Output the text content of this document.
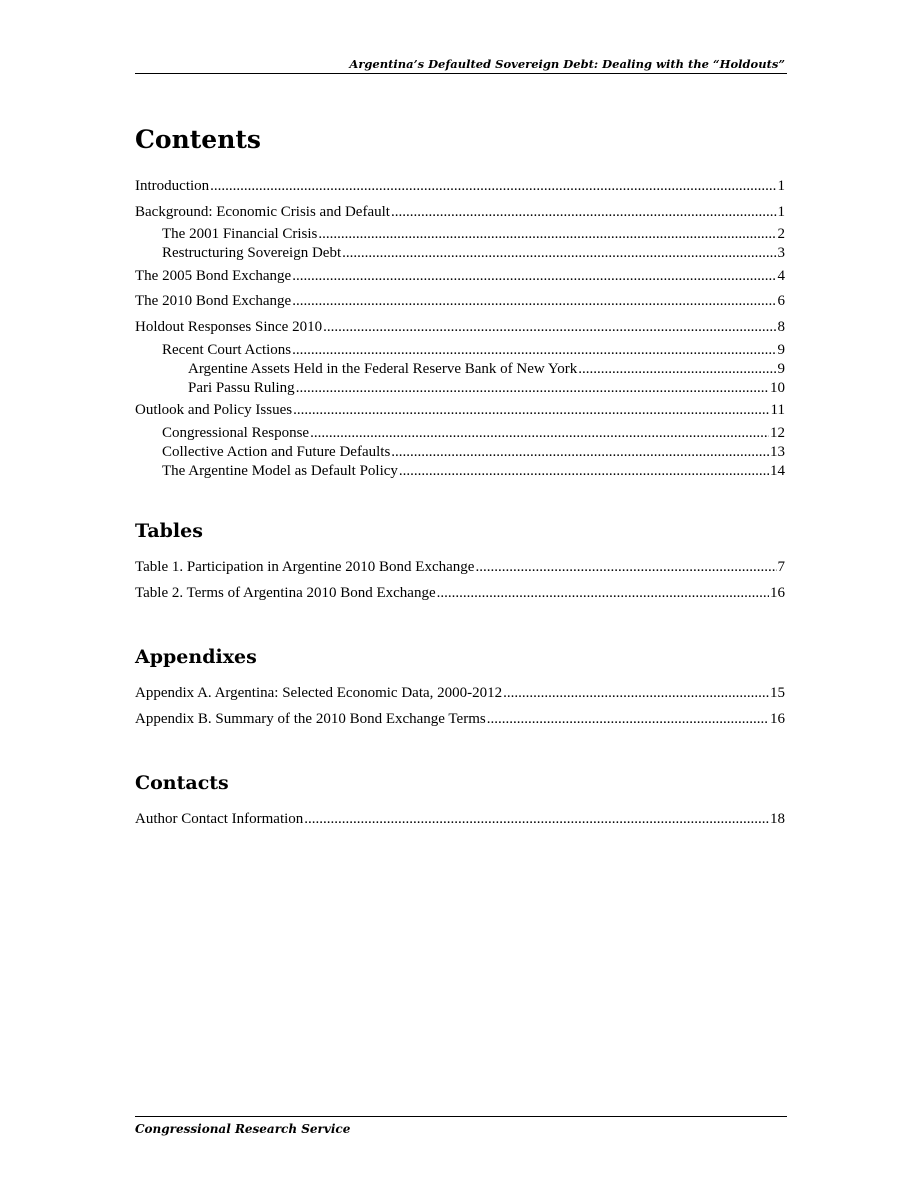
Argentina’s Defaulted Sovereign Debt: Dealing with the “Holdouts”
Contents
Introduction .....	1
Background: Economic Crisis and Default .....	1
The 2001 Financial Crisis .....	2
Restructuring Sovereign Debt .....	3
The 2005 Bond Exchange .....	4
The 2010 Bond Exchange .....	6
Holdout Responses Since 2010 .....	8
Recent Court Actions .....	9
Argentine Assets Held in the Federal Reserve Bank of New York .....	9
Pari Passu Ruling .....	10
Outlook and Policy Issues .....	11
Congressional Response .....	12
Collective Action and Future Defaults .....	13
The Argentine Model as Default Policy .....	14
Tables
Table 1. Participation in Argentine 2010 Bond Exchange .....	7
Table 2. Terms of Argentina 2010 Bond Exchange .....	16
Appendixes
Appendix A. Argentina: Selected Economic Data, 2000-2012 .....	15
Appendix B. Summary of the 2010 Bond Exchange Terms .....	16
Contacts
Author Contact Information .....	18
Congressional Research Service
